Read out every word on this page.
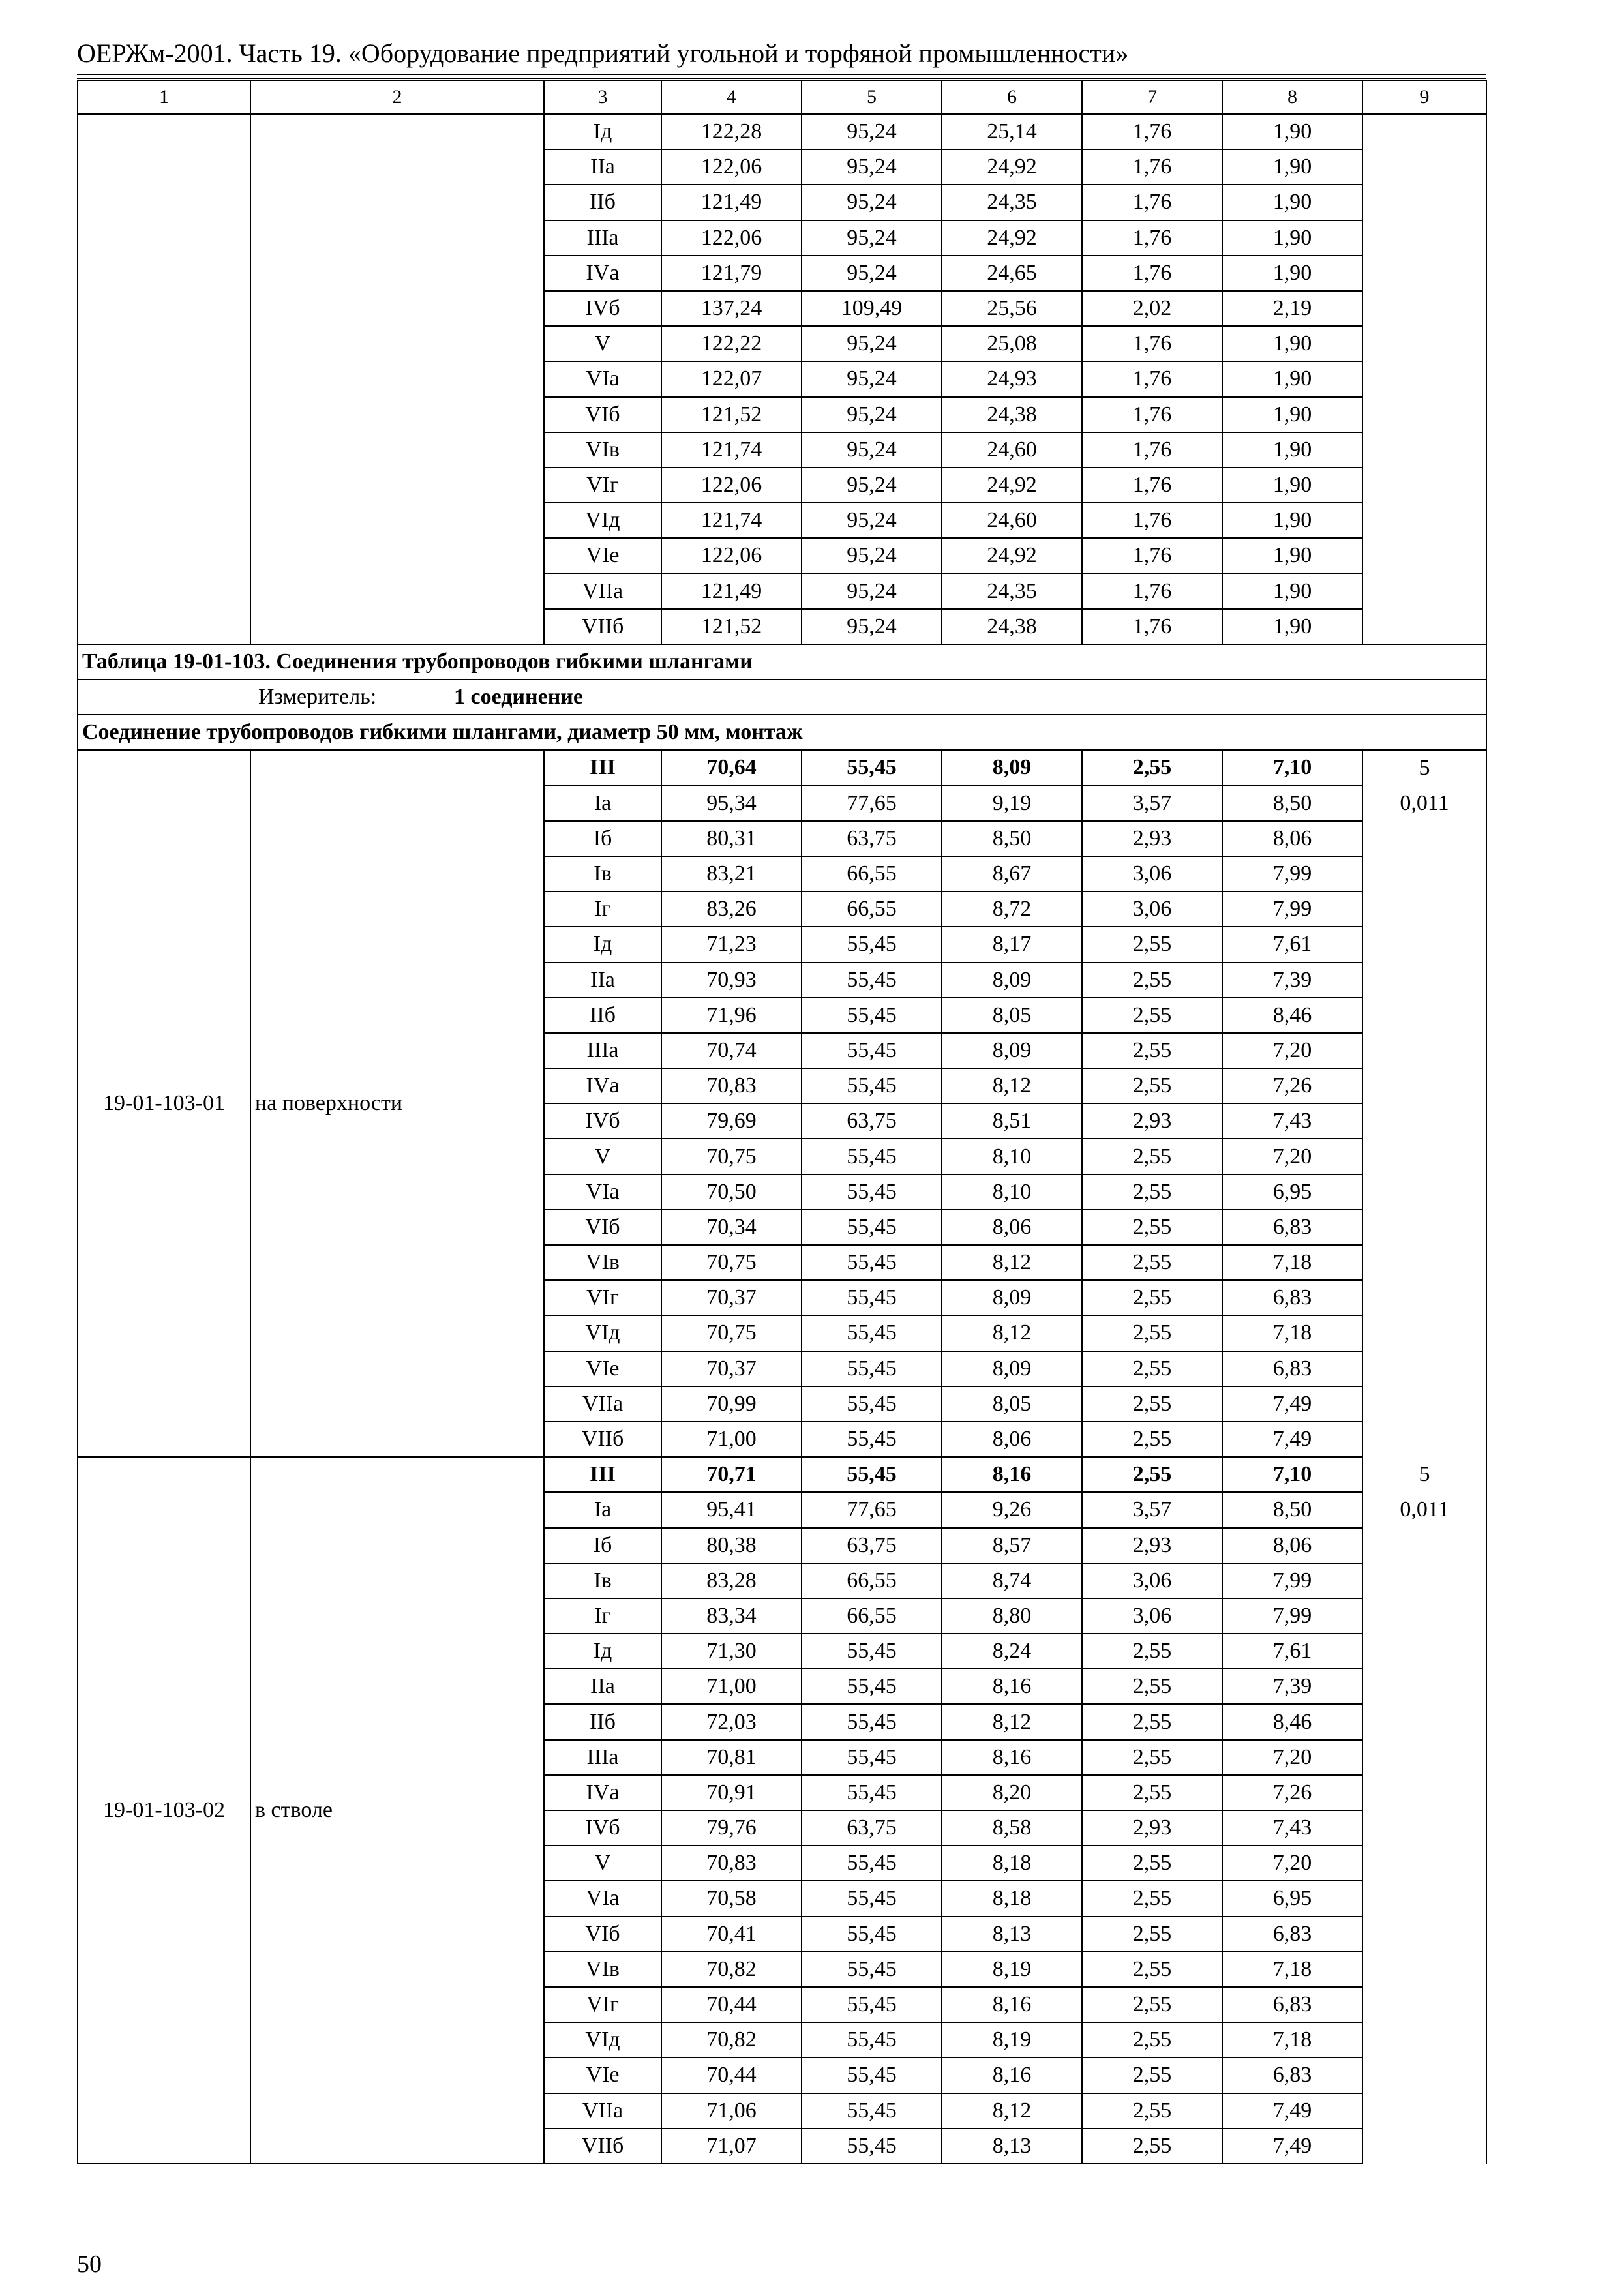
ОЕРЖм-2001. Часть 19. «Оборудование предприятий угольной и торфяной промышленности»
1	2	3	4	5	6	7	8	9
		Iд	122,28	95,24	25,14	1,76	1,90	
		IIа	122,06	95,24	24,92	1,76	1,90	
		IIб	121,49	95,24	24,35	1,76	1,90	
		IIIа	122,06	95,24	24,92	1,76	1,90	
		IVа	121,79	95,24	24,65	1,76	1,90	
		IVб	137,24	109,49	25,56	2,02	2,19	
		V	122,22	95,24	25,08	1,76	1,90	
		VIа	122,07	95,24	24,93	1,76	1,90	
		VIб	121,52	95,24	24,38	1,76	1,90	
		VIв	121,74	95,24	24,60	1,76	1,90	
		VIг	122,06	95,24	24,92	1,76	1,90	
		VIд	121,74	95,24	24,60	1,76	1,90	
		VIе	122,06	95,24	24,92	1,76	1,90	
		VIIа	121,49	95,24	24,35	1,76	1,90	
		VIIб	121,52	95,24	24,38	1,76	1,90	
Таблица 19-01-103. Соединения трубопроводов гибкими шлангами								
Измеритель: 1 соединение								
Соединение трубопроводов гибкими шлангами, диаметр 50 мм, монтаж								
19-01-103-01	на поверхности	III	70,64	55,45	8,09	2,55	7,10	5
		Iа	95,34	77,65	9,19	3,57	8,50	0,011
		Iб	80,31	63,75	8,50	2,93	8,06	
		Iв	83,21	66,55	8,67	3,06	7,99	
		Iг	83,26	66,55	8,72	3,06	7,99	
		Iд	71,23	55,45	8,17	2,55	7,61	
		IIа	70,93	55,45	8,09	2,55	7,39	
		IIб	71,96	55,45	8,05	2,55	8,46	
		IIIа	70,74	55,45	8,09	2,55	7,20	
		IVа	70,83	55,45	8,12	2,55	7,26	
		IVб	79,69	63,75	8,51	2,93	7,43	
		V	70,75	55,45	8,10	2,55	7,20	
		VIа	70,50	55,45	8,10	2,55	6,95	
		VIб	70,34	55,45	8,06	2,55	6,83	
		VIв	70,75	55,45	8,12	2,55	7,18	
		VIг	70,37	55,45	8,09	2,55	6,83	
		VIд	70,75	55,45	8,12	2,55	7,18	
		VIе	70,37	55,45	8,09	2,55	6,83	
		VIIа	70,99	55,45	8,05	2,55	7,49	
		VIIб	71,00	55,45	8,06	2,55	7,49	
19-01-103-02	в стволе	III	70,71	55,45	8,16	2,55	7,10	5
		Iа	95,41	77,65	9,26	3,57	8,50	0,011
		Iб	80,38	63,75	8,57	2,93	8,06	
		Iв	83,28	66,55	8,74	3,06	7,99	
		Iг	83,34	66,55	8,80	3,06	7,99	
		Iд	71,30	55,45	8,24	2,55	7,61	
		IIа	71,00	55,45	8,16	2,55	7,39	
		IIб	72,03	55,45	8,12	2,55	8,46	
		IIIа	70,81	55,45	8,16	2,55	7,20	
		IVа	70,91	55,45	8,20	2,55	7,26	
		IVб	79,76	63,75	8,58	2,93	7,43	
		V	70,83	55,45	8,18	2,55	7,20	
		VIа	70,58	55,45	8,18	2,55	6,95	
		VIб	70,41	55,45	8,13	2,55	6,83	
		VIв	70,82	55,45	8,19	2,55	7,18	
		VIг	70,44	55,45	8,16	2,55	6,83	
		VIд	70,82	55,45	8,19	2,55	7,18	
		VIе	70,44	55,45	8,16	2,55	6,83	
		VIIа	71,06	55,45	8,12	2,55	7,49	
		VIIб	71,07	55,45	8,13	2,55	7,49	
50
